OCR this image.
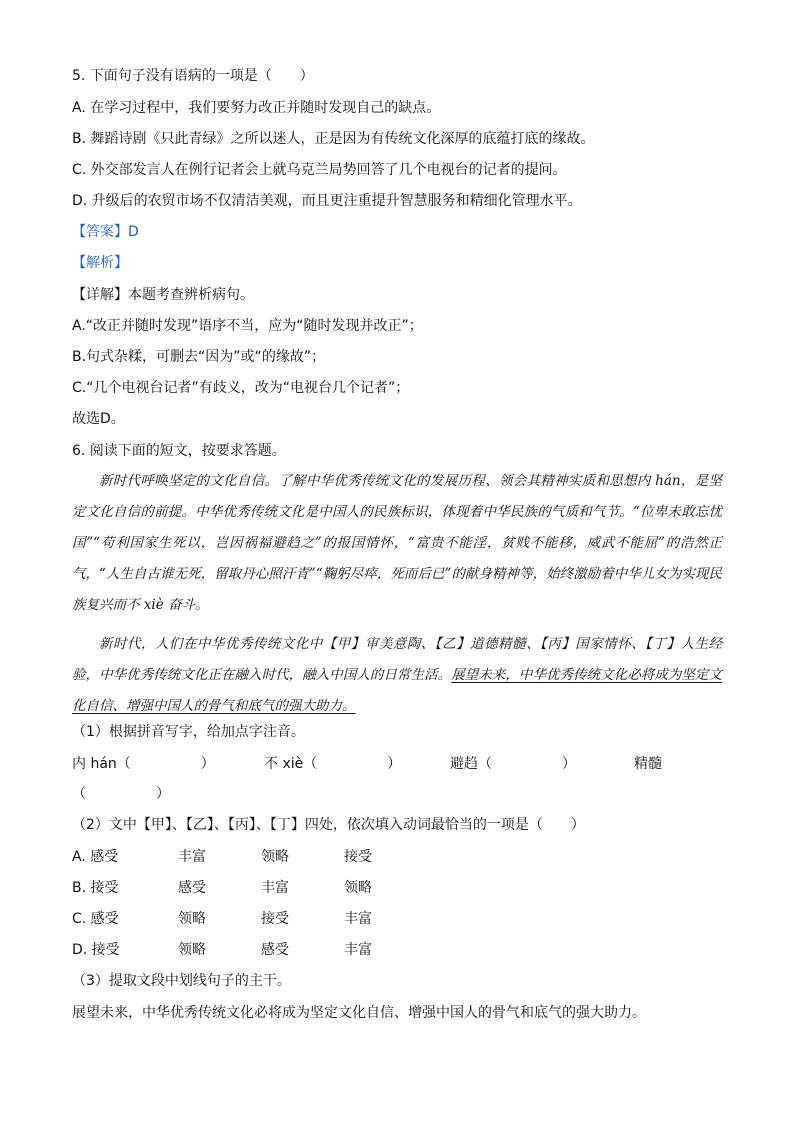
5. 下面句子没有语病的一项是（　　）
A. 在学习过程中，我们要努力改正并随时发现自己的缺点。
B. 舞蹈诗剧《只此青绿》之所以迷人，正是因为有传统文化深厚的底蕴打底的缘故。
C. 外交部发言人在例行记者会上就乌克兰局势回答了几个电视台的记者的提问。
D. 升级后的农贸市场不仅清洁美观，而且更注重提升智慧服务和精细化管理水平。
【答案】D
【解析】
【详解】本题考查辨析病句。
A.“改正并随时发现”语序不当，应为“随时发现并改正”；
B.句式杂糅，可删去“因为”或“的缘故”；
C.“几个电视台记者”有歧义，改为“电视台几个记者”；
故选D。
6. 阅读下面的短文，按要求答题。

新时代呼唤坚定的文化自信。了解中华优秀传统文化的发展历程、领会其精神实质和思想内 hán，是坚定文化自信的前提。中华优秀传统文化是中国人的民族标识，体现着中华民族的气质和气节。“位卑未敢忘忧国”“苟利国家生死以，岂因祸福避趋之”的报国情怀，“富贵不能淫，贫贱不能移，威武不能屈”的浩然正气，“人生自古谁无死，留取丹心照汗青”“鞠躬尽瘁，死而后已”的献身精神等，始终激励着中华儿女为实现民族复兴而不 xiè 奋斗。

新时代，人们在中华优秀传统文化中【甲】审美意陶、【乙】道德精髓、【丙】国家情怀、【丁】人生经验，中华优秀传统文化正在融入时代，融入中国人的日常生活。展望未来，中华优秀传统文化必将成为坚定文化自信、增强中国人的骨气和底气的强大助力。

（1）根据拼音写字，给加点字注音。
内 hán（　　　　　）	不 xiè（　　　　　）	避趋（　　　　　）	精髓
（　　　　　）
（2）文中【甲】、【乙】、【丙】、【丁】四处，依次填入动词最恰当的一项是（　　）
A. 感受	丰富	领略	接受
B. 接受	感受	丰富	领略
C. 感受	领略	接受	丰富
D. 接受	领略	感受	丰富
（3）提取文段中划线句子的主干。
展望未来，中华优秀传统文化必将成为坚定文化自信、增强中国人的骨气和底气的强大助力。
